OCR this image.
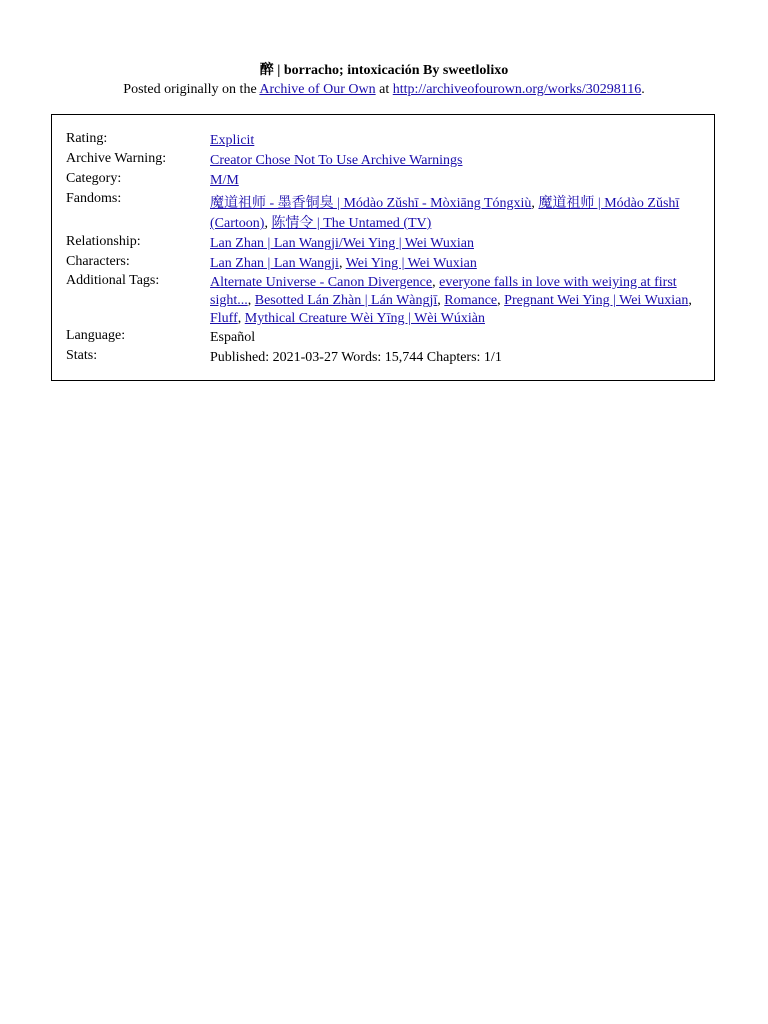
醉 | borracho; intoxicación By sweetlolixo
Posted originally on the Archive of Our Own at http://archiveofourown.org/works/30298116.
Rating:	Explicit
Archive Warning:	Creator Chose Not To Use Archive Warnings
Category:	M/M
Fandoms:	魔道祖师 - 墨香铜臭 | Módào Zǔshī - Mòxiāng Tóngxiù, 魔道祖师 | Módào Zǔshī (Cartoon), 陈情令 | The Untamed (TV)
Relationship:	Lan Zhan | Lan Wangji/Wei Ying | Wei Wuxian
Characters:	Lan Zhan | Lan Wangji, Wei Ying | Wei Wuxian
Additional Tags:	Alternate Universe - Canon Divergence, everyone falls in love with weiying at first sight..., Besotted Lán Zhàn | Lán Wàngjī, Romance, Pregnant Wei Ying | Wei Wuxian, Fluff, Mythical Creature Wèi Yīng | Wèi Wúxiàn
Language:	Español
Stats:	Published: 2021-03-27 Words: 15,744 Chapters: 1/1
